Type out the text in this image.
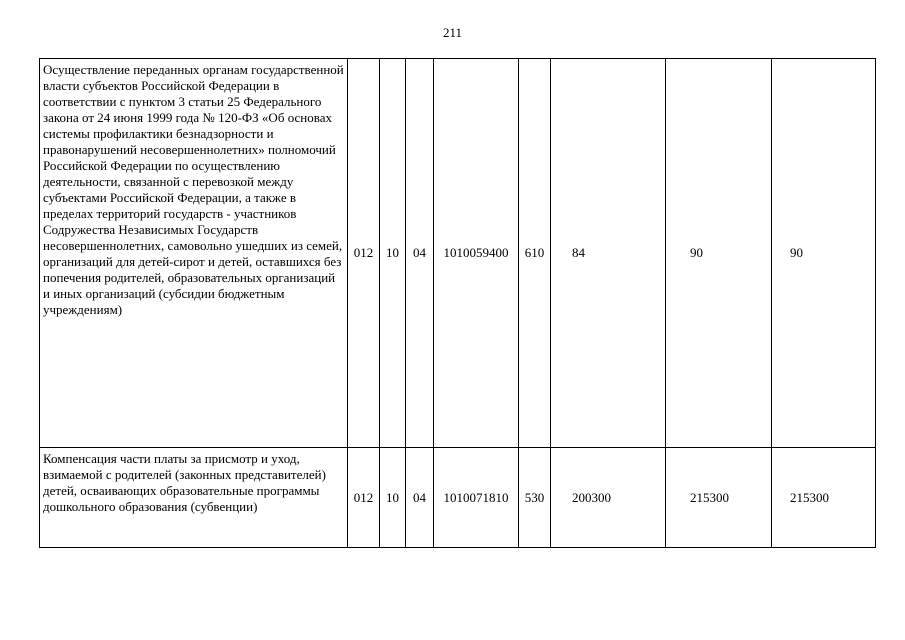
211
Осуществление переданных органам государственной власти субъектов Российской Федерации в соответствии с пунктом 3 статьи 25 Федерального закона от 24 июня 1999 года № 120-ФЗ «Об основах системы профилактики безнадзорности и правонарушений несовершеннолетних» полномочий Российской Федерации по осуществлению деятельности, связанной с перевозкой между субъектами Российской Федерации, а также в пределах территорий государств - участников Содружества Независимых Государств несовершеннолетних, самовольно ушедших из семей, организаций для детей-сирот и детей, оставшихся без попечения родителей, образовательных организаций и иных организаций (субсидии бюджетным учреждениям)	012	10	04	1010059400	610	84	90	90
Компенсация части платы за присмотр и уход, взимаемой с родителей (законных представителей) детей, осваивающих образовательные программы дошкольного образования (субвенции)	012	10	04	1010071810	530	200300	215300	215300
